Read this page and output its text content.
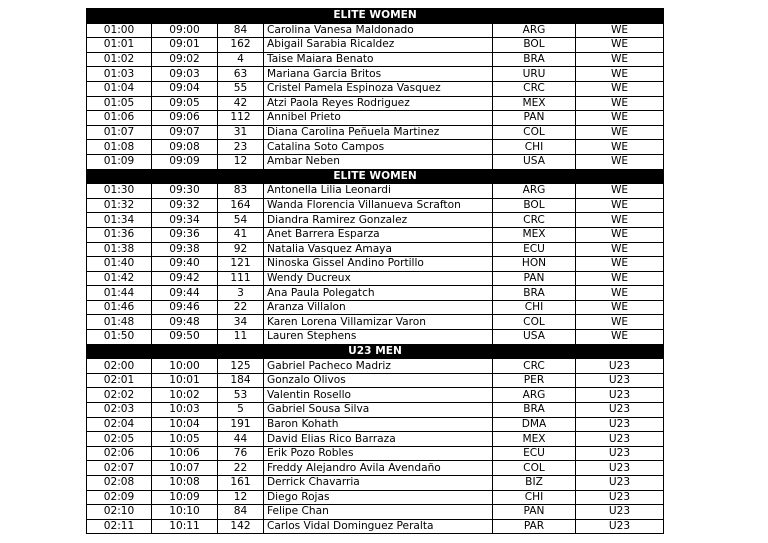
ELITE WOMEN					
01:00	09:00	84	Carolina Vanesa Maldonado	ARG	WE
01:01	09:01	162	Abigail Sarabia Ricaldez	BOL	WE
01:02	09:02	4	Taise Maiara Benato	BRA	WE
01:03	09:03	63	Mariana Garcia Britos	URU	WE
01:04	09:04	55	Cristel Pamela Espinoza Vasquez	CRC	WE
01:05	09:05	42	Atzi Paola Reyes Rodriguez	MEX	WE
01:06	09:06	112	Annibel Prieto	PAN	WE
01:07	09:07	31	Diana Carolina Peñuela Martinez	COL	WE
01:08	09:08	23	Catalina Soto Campos	CHI	WE
01:09	09:09	12	Ambar Neben	USA	WE
ELITE WOMEN					
01:30	09:30	83	Antonella Lilia Leonardi	ARG	WE
01:32	09:32	164	Wanda Florencia Villanueva Scrafton	BOL	WE
01:34	09:34	54	Diandra Ramirez Gonzalez	CRC	WE
01:36	09:36	41	Anet Barrera Esparza	MEX	WE
01:38	09:38	92	Natalia Vasquez Amaya	ECU	WE
01:40	09:40	121	Ninoska Gissel Andino Portillo	HON	WE
01:42	09:42	111	Wendy Ducreux	PAN	WE
01:44	09:44	3	Ana Paula Polegatch	BRA	WE
01:46	09:46	22	Aranza Villalon	CHI	WE
01:48	09:48	34	Karen Lorena Villamizar Varon	COL	WE
01:50	09:50	11	Lauren Stephens	USA	WE
U23 MEN					
02:00	10:00	125	Gabriel Pacheco Madriz	CRC	U23
02:01	10:01	184	Gonzalo Olivos	PER	U23
02:02	10:02	53	Valentin Rosello	ARG	U23
02:03	10:03	5	Gabriel Sousa Silva	BRA	U23
02:04	10:04	191	Baron Kohath	DMA	U23
02:05	10:05	44	David Elias Rico Barraza	MEX	U23
02:06	10:06	76	Erik Pozo Robles	ECU	U23
02:07	10:07	22	Freddy Alejandro Avila Avendaño	COL	U23
02:08	10:08	161	Derrick Chavarria	BIZ	U23
02:09	10:09	12	Diego Rojas	CHI	U23
02:10	10:10	84	Felipe Chan	PAN	U23
02:11	10:11	142	Carlos Vidal Dominguez Peralta	PAR	U23
